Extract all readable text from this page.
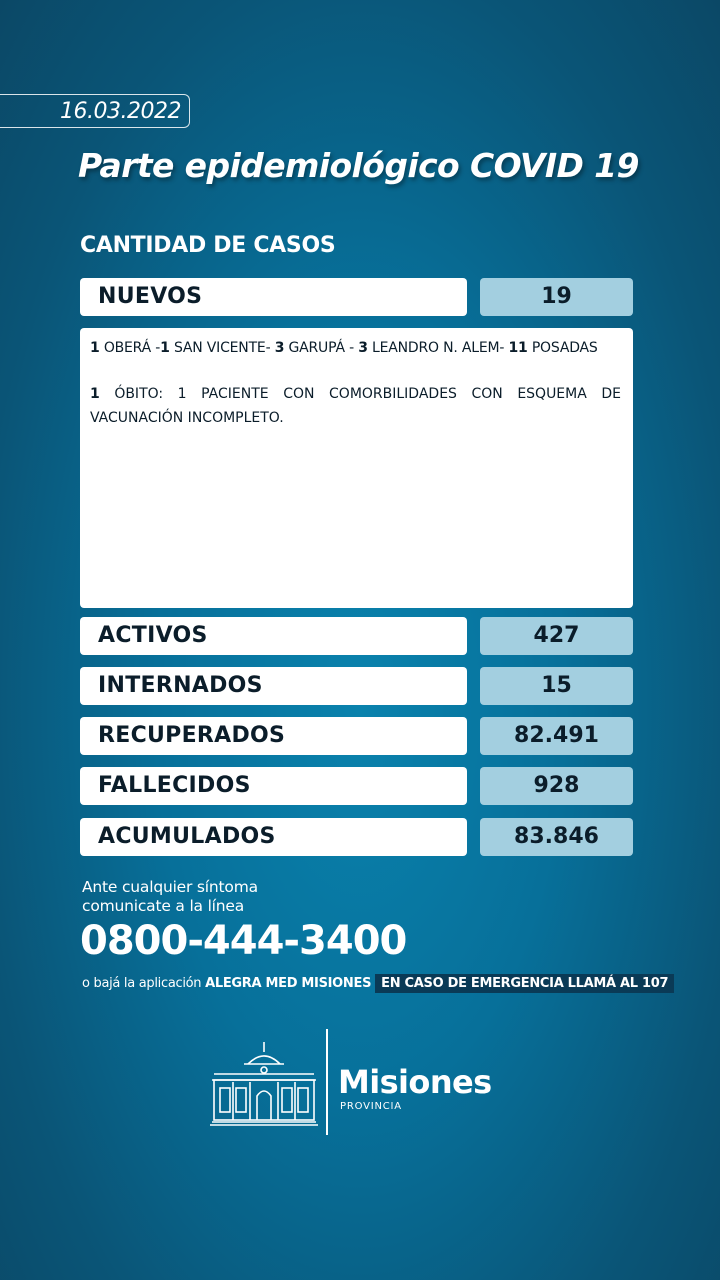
16.03.2022
Parte epidemiológico COVID 19
CANTIDAD DE CASOS
NUEVOS	19
1 OBERÁ -1 SAN VICENTE- 3 GARUPÁ - 3 LEANDRO N. ALEM- 11 POSADAS
1 ÓBITO: 1 PACIENTE CON COMORBILIDADES CON ESQUEMA DE VACUNACIÓN INCOMPLETO.
ACTIVOS	427
INTERNADOS	15
RECUPERADOS	82.491
FALLECIDOS	928
ACUMULADOS	83.846
Ante cualquier síntoma
comunicate a la línea
0800-444-3400
o bajá la aplicación ALEGRA MED MISIONES EN CASO DE EMERGENCIA LLAMÁ AL 107
Misiones
PROVINCIA
